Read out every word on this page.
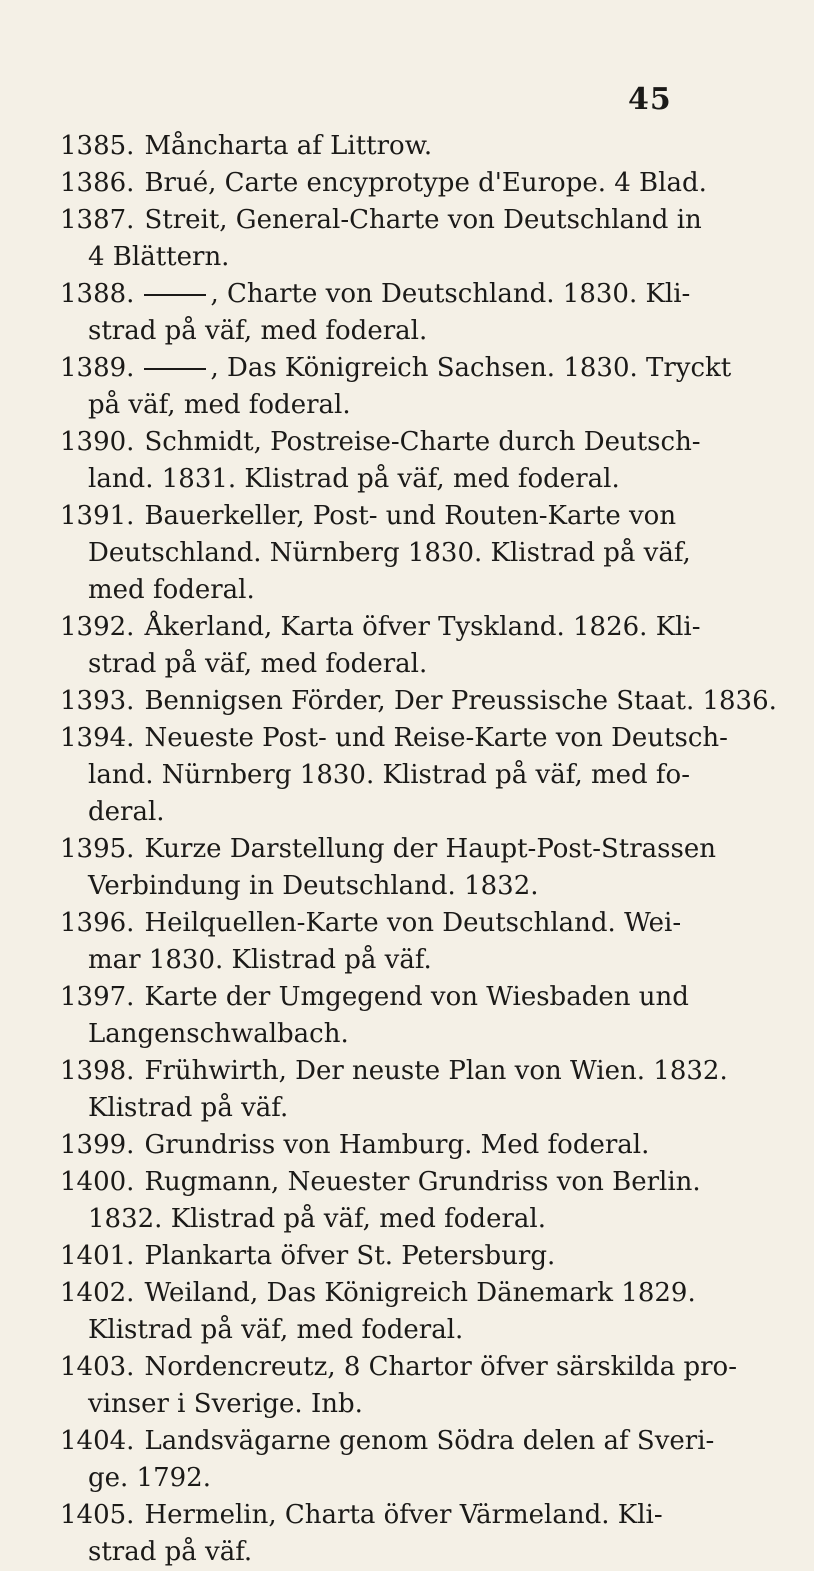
45
1385. Måncharta af Littrow.
1386. Brué, Carte encyprotype d'Europe. 4 Blad.
1387. Streit, General-Charte von Deutschland in
4 Blättern.
1388.	, Charte von Deutschland. 1830. Kli-
strad på väf, med foderal.
1389.	, Das Königreich Sachsen. 1830. Tryckt
på väf, med foderal.
1390. Schmidt, Postreise-Charte durch Deutsch-
land. 1831. Klistrad på väf, med foderal.
1391. Bauerkeller, Post- und Routen-Karte von
Deutschland. Nürnberg 1830. Klistrad på väf,
med foderal.
1392. Åkerland, Karta öfver Tyskland. 1826. Kli-
strad på väf, med foderal.
1393. Bennigsen Förder, Der Preussische Staat. 1836.
1394. Neueste Post- und Reise-Karte von Deutsch-
land. Nürnberg 1830. Klistrad på väf, med fo-
deral.
1395. Kurze Darstellung der Haupt-Post-Strassen
Verbindung in Deutschland. 1832.
1396. Heilquellen-Karte von Deutschland. Wei-
mar 1830. Klistrad på väf.
1397. Karte der Umgegend von Wiesbaden und
Langenschwalbach.
1398. Frühwirth, Der neuste Plan von Wien. 1832.
Klistrad på väf.
1399. Grundriss von Hamburg. Med foderal.
1400. Rugmann, Neuester Grundriss von Berlin.
1832. Klistrad på väf, med foderal.
1401. Plankarta öfver St. Petersburg.
1402. Weiland, Das Königreich Dänemark 1829.
Klistrad på väf, med foderal.
1403. Nordencreutz, 8 Chartor öfver särskilda pro-
vinser i Sverige. Inb.
1404. Landsvägarne genom Södra delen af Sveri-
ge. 1792.
1405. Hermelin, Charta öfver Värmeland. Kli-
strad på väf.
